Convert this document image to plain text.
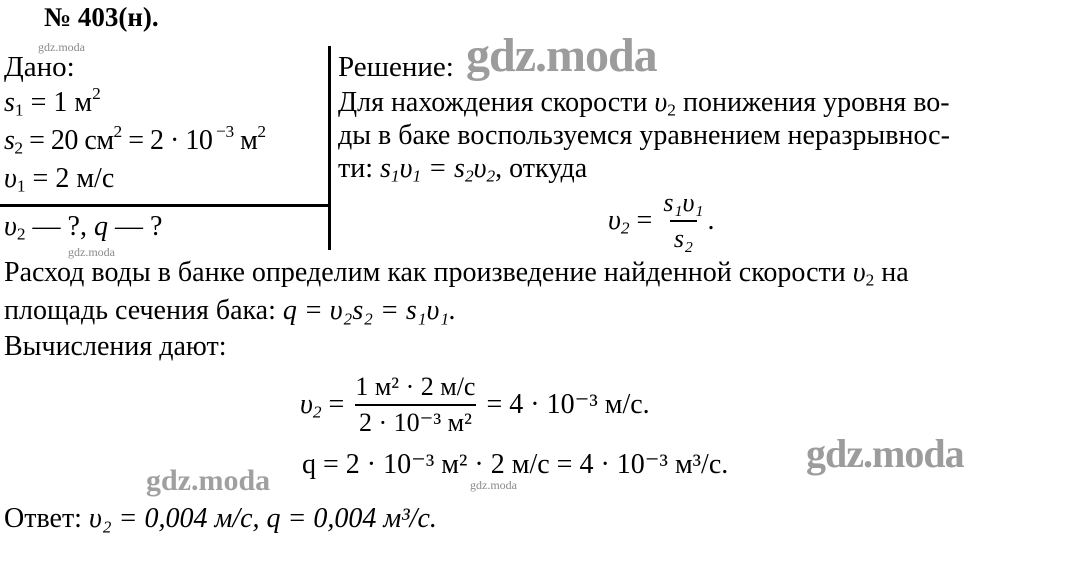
№ 403(н).
gdz.moda
Дано:
$s_1 = 1$ $м^2$
$s_2 = 20$ $см^2 = 2 \cdot 10$ $^{-3}$ $м^2$
$\upsilon_1 = 2$ м/с
$\upsilon_2$ — ?, q — ?
gdz.moda
Решение: gdz.moda
Для нахождения скорости $\upsilon_2$ понижения уровня во-
ды в баке воспользуемся уравнением неразрывнос-
ти: $s_1\upsilon_1 = s_2\upsilon_2$, откуда
$\upsilon_2 = \frac{\text{s₁υ₁}}{\text{s₂}}$ .
Расход воды в банке определим как произведение найденной скорости $\upsilon_2$ на
площадь сечения бака: q = υ₂s₂ = s₁υ₁.
Вычисления дают:
$\upsilon_2 = \frac{\text{1 м² · 2 м/с}}{\text{2 · 10⁻³ м²}} = 4 \cdot 10^{-3}$ м/с.
q = 2 · 10⁻³ м² · 2 м/с = 4 · 10⁻³ м³/с. gdz.moda
gdz.moda	gdz.moda
Ответ: υ₂ = 0,004 м/с, q = 0,004 м³/с.
